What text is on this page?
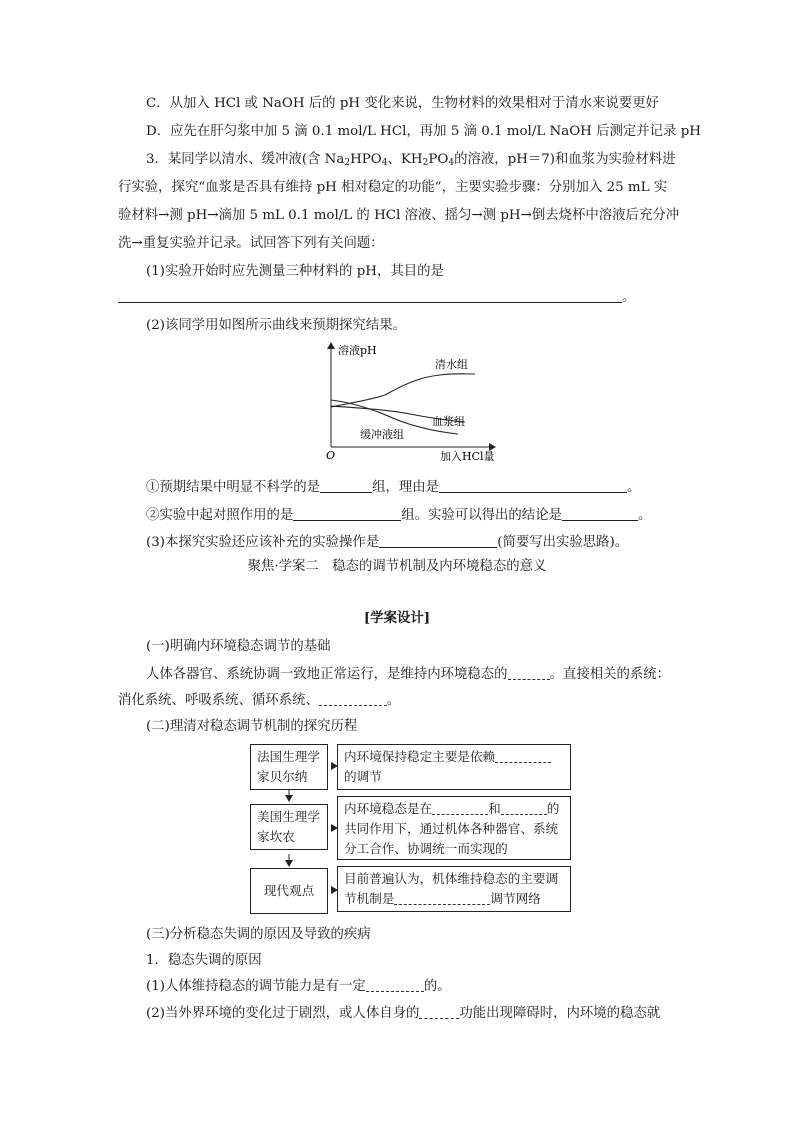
C．从加入 HCl 或 NaOH 后的 pH 变化来说，生物材料的效果相对于清水来说要更好
D．应先在肝匀浆中加 5 滴 0.1 mol/L HCl，再加 5 滴 0.1 mol/L NaOH 后测定并记录 pH
3．某同学以清水、缓冲液(含 $Na_2HPO_4$、$KH_2PO_4$的溶液，pH＝7)和血浆为实验材料进
行实验，探究“血浆是否具有维持 pH 相对稳定的功能”，主要实验步骤：分别加入 25 mL 实
验材料→测 pH→滴加 5 mL 0.1 mol/L 的 HCl 溶液、摇匀→测 pH→倒去烧杯中溶液后充分冲
洗→重复实验并记录。试回答下列有关问题：
(1)实验开始时应先测量三种材料的 pH，其目的是
。
(2)该同学用如图所示曲线来预期探究结果。
溶液pH
加入HCl量
O
清水组
血浆组
缓冲液组
①预期结果中明显不科学的是	组，理由是	。
②实验中起对照作用的是	组。实验可以得出的结论是	。
(3)本探究实验还应该补充的实验操作是	(简要写出实验思路)。
聚焦·学案二　稳态的调节机制及内环境稳态的意义
[学案设计]
(一)明确内环境稳态调节的基础
人体各器官、系统协调一致地正常运行，是维持内环境稳态的	。直接相关的系统：
消化系统、呼吸系统、循环系统、	。
(二)理清对稳态调节机制的探究历程
法国生理学家贝尔纳
内环境保持稳定主要是依赖
的调节
美国生理学家坎农
内环境稳态是在	和	的共同作用下，通过机体各种器官、系统分工合作、协调统一而实现的
现代观点
目前普遍认为，机体维持稳态的主要调节机制是	调节网络
(三)分析稳态失调的原因及导致的疾病
1．稳态失调的原因
(1)人体维持稳态的调节能力是有一定	的。
(2)当外界环境的变化过于剧烈，或人体自身的	功能出现障碍时，内环境的稳态就
